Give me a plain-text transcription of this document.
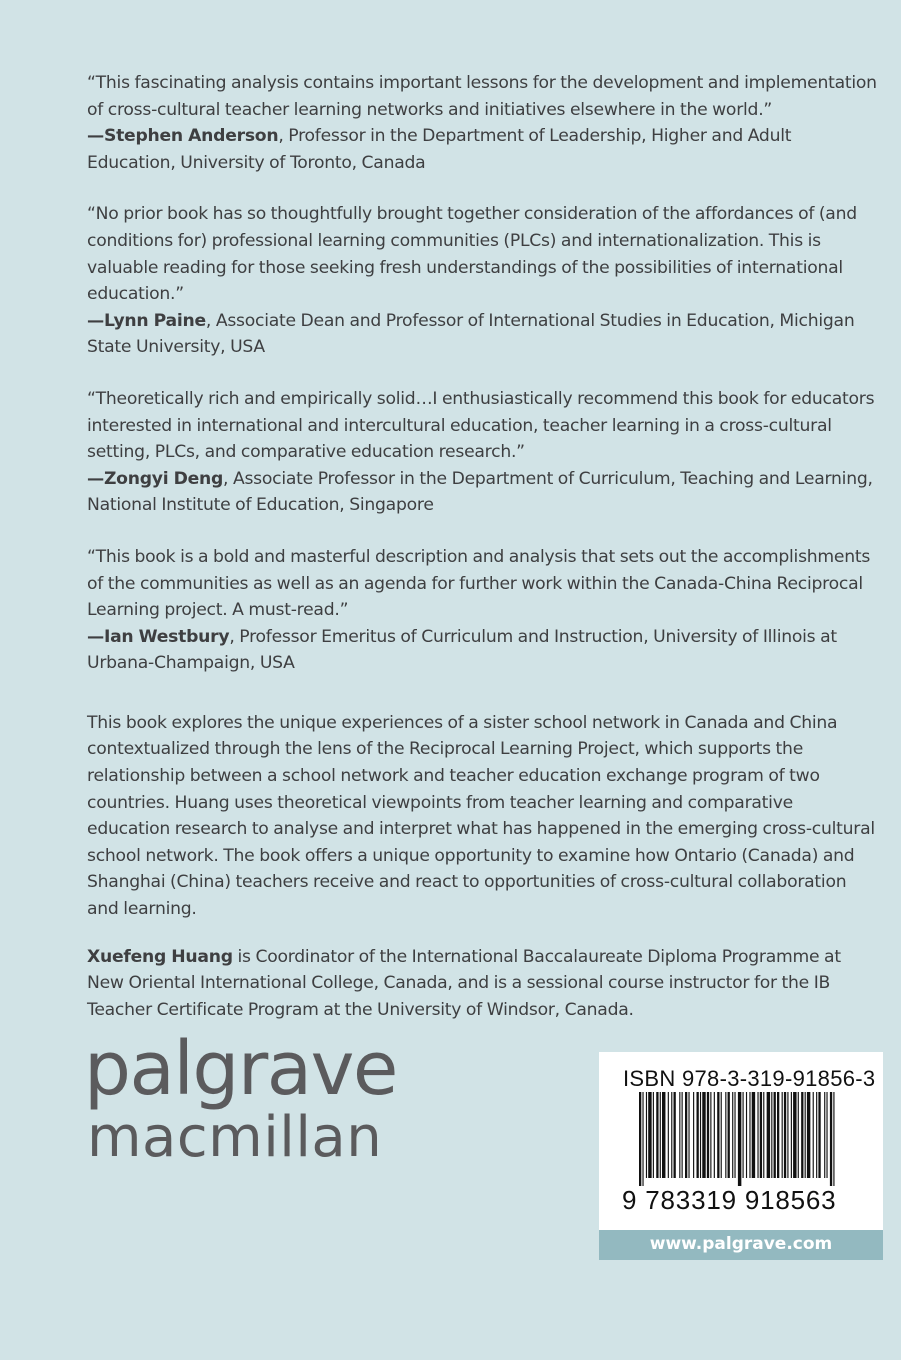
“This fascinating analysis contains important lessons for the development and implementation of cross-cultural teacher learning networks and initiatives elsewhere in the world.”

—Stephen Anderson, Professor in the Department of Leadership, Higher and Adult Education, University of Toronto, Canada

“No prior book has so thoughtfully brought together consideration of the affordances of (and conditions for) professional learning communities (PLCs) and internationalization. This is valuable reading for those seeking fresh understandings of the possibilities of international education.”

—Lynn Paine, Associate Dean and Professor of International Studies in Education, Michigan State University, USA

“Theoretically rich and empirically solid…I enthusiastically recommend this book for educators interested in international and intercultural education, teacher learning in a cross-cultural setting, PLCs, and comparative education research.”

—Zongyi Deng, Associate Professor in the Department of Curriculum, Teaching and Learning, National Institute of Education, Singapore

“This book is a bold and masterful description and analysis that sets out the accomplishments of the communities as well as an agenda for further work within the Canada-China Reciprocal Learning project. A must-read.”

—Ian Westbury, Professor Emeritus of Curriculum and Instruction, University of Illinois at Urbana-Champaign, USA

This book explores the unique experiences of a sister school network in Canada and China contextualized through the lens of the Reciprocal Learning Project, which supports the relationship between a school network and teacher education exchange program of two countries. Huang uses theoretical viewpoints from teacher learning and comparative education research to analyse and interpret what has happened in the emerging cross-cultural school network. The book offers a unique opportunity to examine how Ontario (Canada) and Shanghai (China) teachers receive and react to opportunities of cross-cultural collaboration and learning.

Xuefeng Huang is Coordinator of the International Baccalaureate Diploma Programme at New Oriental International College, Canada, and is a sessional course instructor for the IB Teacher Certificate Program at the University of Windsor, Canada.

palgrave
macmillan
ISBN 978-3-319-91856-3
9 783319 918563
www.palgrave.com
